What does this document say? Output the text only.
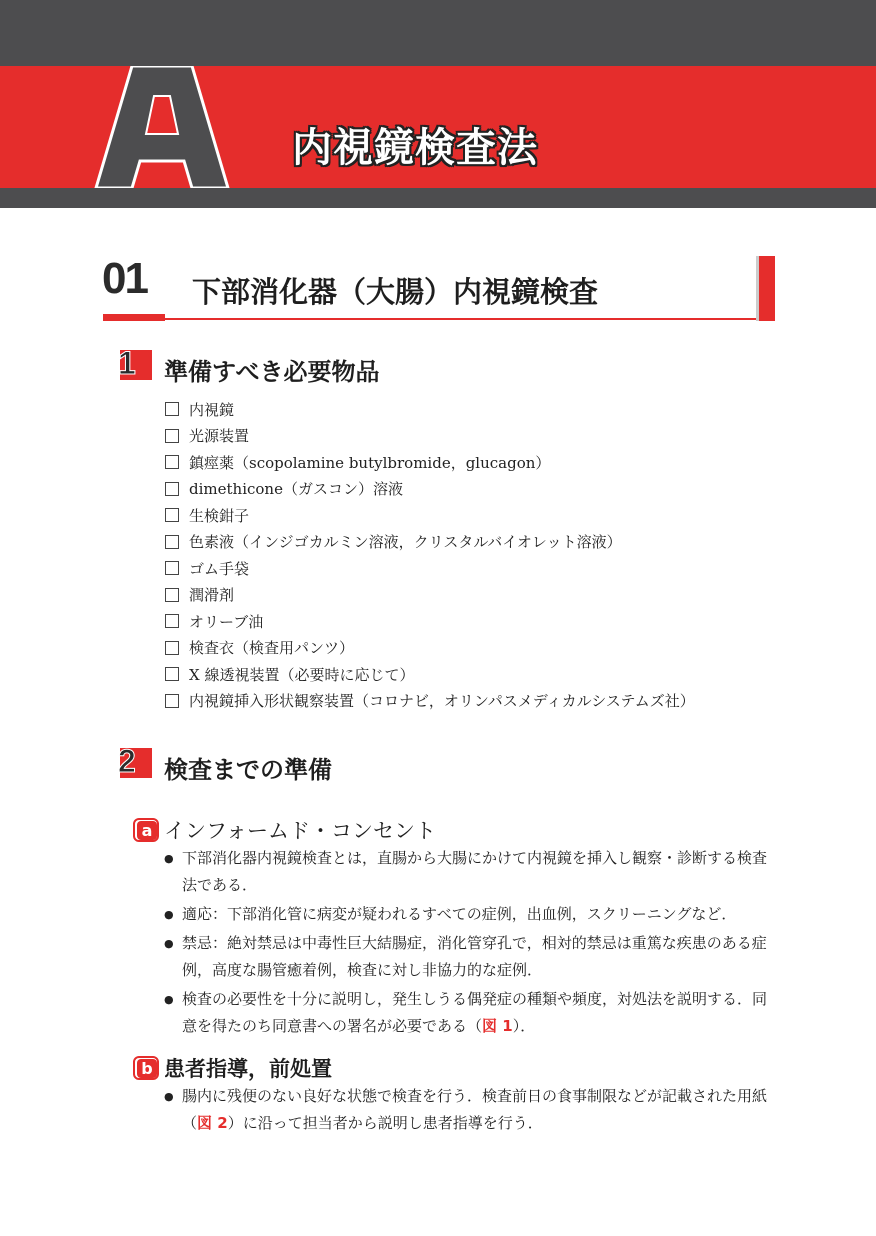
A
内視鏡検査法
01 下部消化器（大腸）内視鏡検査
1 準備すべき必要物品
内視鏡
光源装置
鎮痙薬（scopolamine butylbromide，glucagon）
dimethicone（ガスコン）溶液
生検鉗子
色素液（インジゴカルミン溶液，クリスタルバイオレット溶液）
ゴム手袋
潤滑剤
オリーブ油
検査衣（検査用パンツ）
X 線透視装置（必要時に応じて）
内視鏡挿入形状観察装置（コロナビ，オリンパスメディカルシステムズ社）
2 検査までの準備
a インフォームド・コンセント
● 下部消化器内視鏡検査とは，直腸から大腸にかけて内視鏡を挿入し観察・診断する検査法である．
● 適応：下部消化管に病変が疑われるすべての症例，出血例，スクリーニングなど．
● 禁忌：絶対禁忌は中毒性巨大結腸症，消化管穿孔で，相対的禁忌は重篤な疾患のある症例，高度な腸管癒着例，検査に対し非協力的な症例．
● 検査の必要性を十分に説明し，発生しうる偶発症の種類や頻度，対処法を説明する．同意を得たのち同意書への署名が必要である（図 1）．
b 患者指導，前処置
● 腸内に残便のない良好な状態で検査を行う．検査前日の食事制限などが記載された用紙（図 2）に沿って担当者から説明し患者指導を行う．
